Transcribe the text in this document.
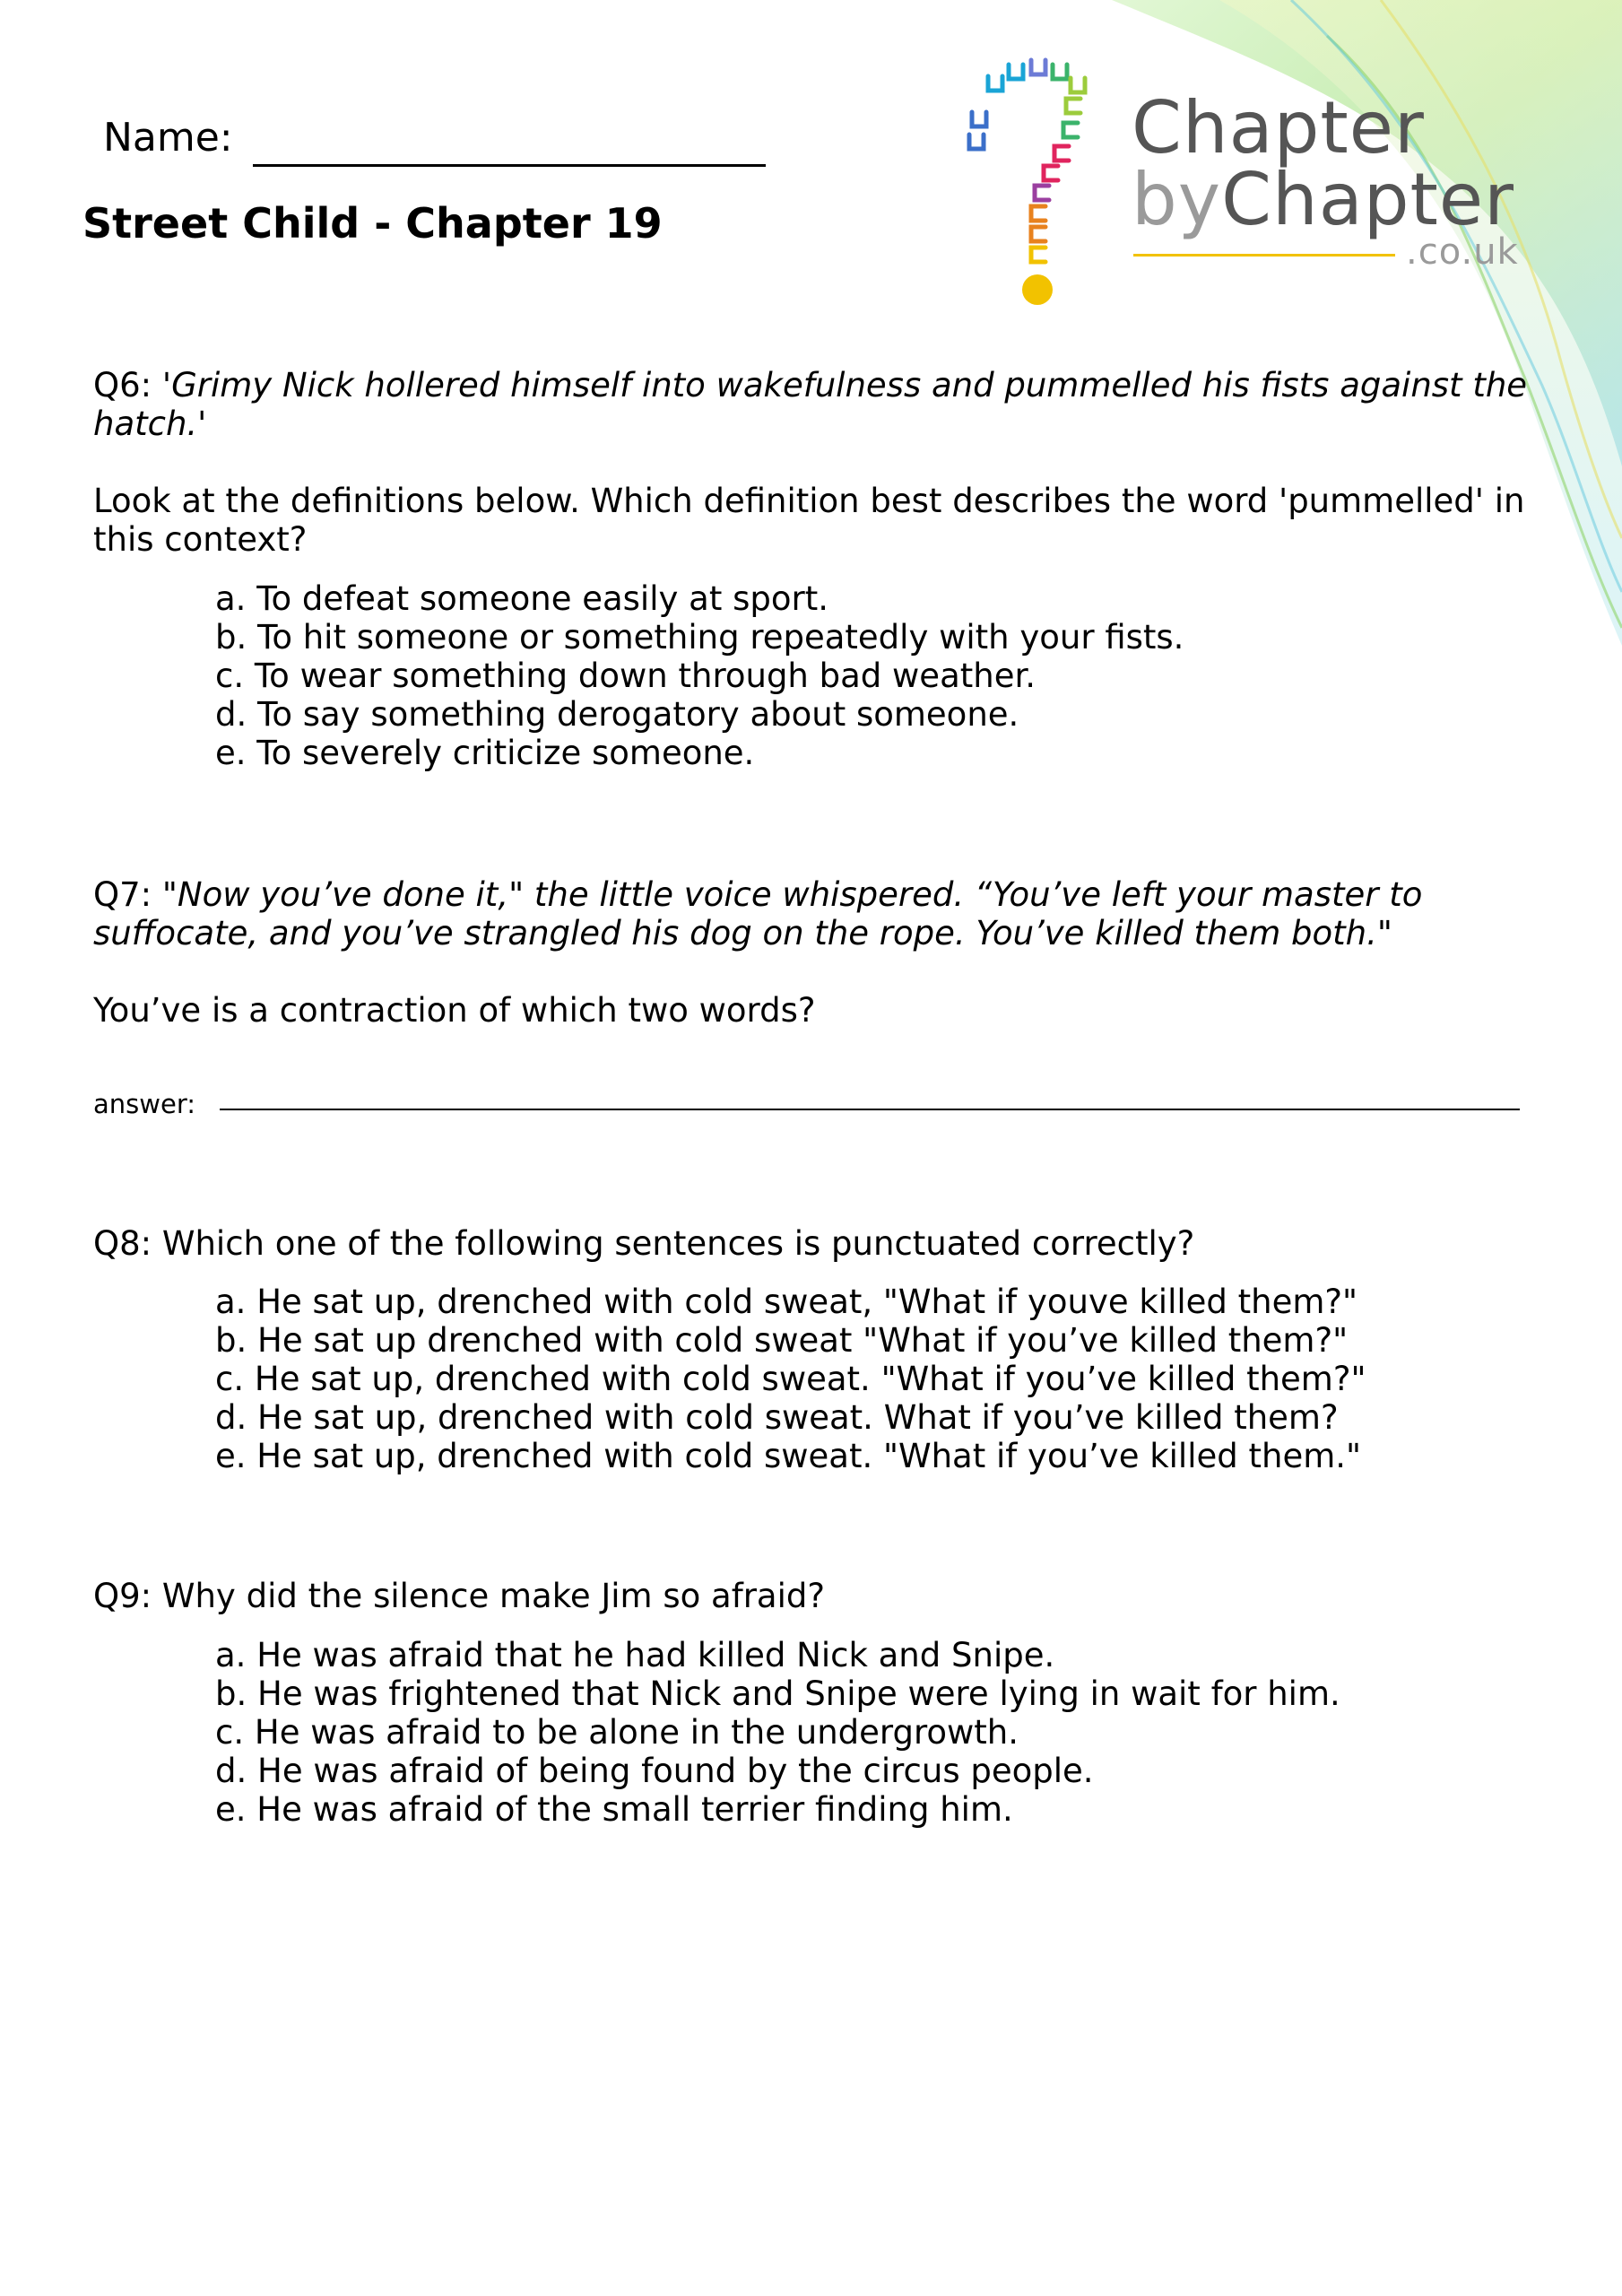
Name:
Street Child - Chapter 19
Chapter
byChapter
.co.uk
Q6: 'Grimy Nick hollered himself into wakefulness and pummelled his fists against the hatch.'
Look at the definitions below. Which definition best describes the word 'pummelled' in this context?
a. To defeat someone easily at sport.
b. To hit someone or something repeatedly with your fists.
c. To wear something down through bad weather.
d. To say something derogatory about someone.
e. To severely criticize someone.
Q7: "Now you’ve done it," the little voice whispered. “You’ve left your master to suffocate, and you’ve strangled his dog on the rope. You’ve killed them both."
You’ve is a contraction of which two words?
answer:
Q8: Which one of the following sentences is punctuated correctly?
a. He sat up, drenched with cold sweat, "What if youve killed them?"
b. He sat up drenched with cold sweat "What if you’ve killed them?"
c. He sat up, drenched with cold sweat. "What if you’ve killed them?"
d. He sat up, drenched with cold sweat. What if you’ve killed them?
e. He sat up, drenched with cold sweat. "What if you’ve killed them."
Q9: Why did the silence make Jim so afraid?
a. He was afraid that he had killed Nick and Snipe.
b. He was frightened that Nick and Snipe were lying in wait for him.
c. He was afraid to be alone in the undergrowth.
d. He was afraid of being found by the circus people.
e. He was afraid of the small terrier finding him.
